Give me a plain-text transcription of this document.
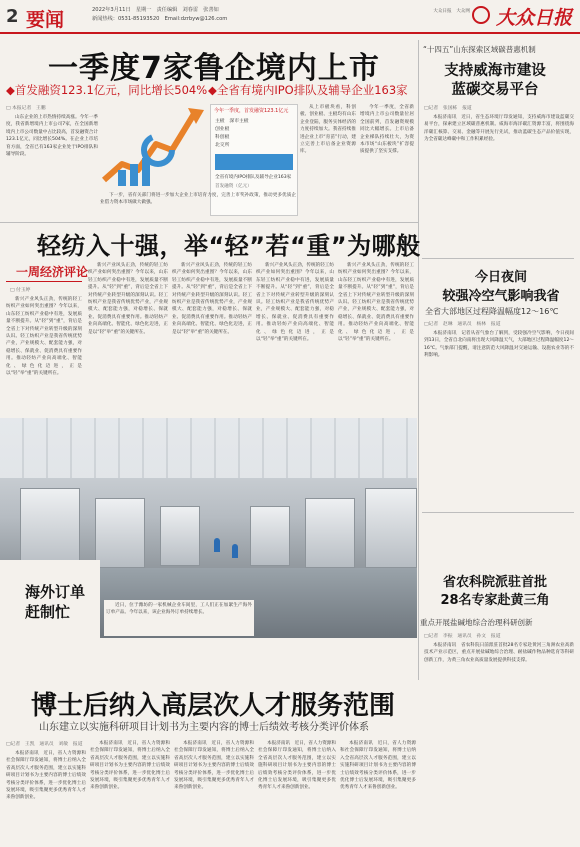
2 要闻	2022年3月11日　星期一　责任编辑　刘春雷　张善如
新闻热线：0531-85193520　Email:dzrbyw@126.com
大众日报　大众网 大众日报
一季度7家鲁企境内上市
◆首发融资123.1亿元，同比增长504% ◆全省有境内IPO排队及辅导企业163家
□ 本报记者　王鹏

山东企业的上市热情持续高涨。今年一季度，我省新增境内上市公司7家，在全国新增境内上市公司数量中占比较高，首发融资合计123.1亿元，同比增长504%。在企业上市培育方面，全省已有163家企业处于IPO排队和辅导阶段。

今年一季度，首发融资123.1亿元
主板　深市主板
创业板
科创板
北交所
全省有境内IPO排队及辅导企业163家
首发融资（亿元）

从上市板块看，科创板、创业板、主板均有山东企业登陆，服务实体经济的力度持续加大。我省持续推进企业上市“育苗”行动，建立完善上市后备企业资源库。

今年一季度，全省新增境内上市公司数量位居全国前列，首发融资规模同比大幅增长。上市后备企业梯队持续壮大，为资本市场“山东板块”扩容提质提供了坚实支撑。

下一步，省有关部门将进一步加大企业上市培育力度，完善上市奖补政策，推动更多优质企业借力资本市场做大做强。

“十四五”山东探索区域碳普惠机制
支持威海市建设
蓝碳交易平台
□记者　张国栋　报道

本报济南讯　近日，省生态环境厅印发通知，支持威海市建设蓝碳交易平台，探索建立区域碳普惠机制。威海市海洋碳汇资源丰富，将围绕海洋碳汇核算、交易、金融等开展先行先试，推动蓝碳生态产品价值实现，为全省碳达峰碳中和工作积累经验。

轻纺入十强，举“轻”若“重”为哪般
一周经济评论
□ 付玉婷

新兴产业风头正劲，传统的轻工纺织产业如何突出重围？今年以来，山东轻工纺织产业稳中有进，发展质量不断提升。从“轻”到“重”，背后是全省上下对传统产业转型升级的深刻认识。轻工纺织产业是我省传统优势产业，产业规模大、配套能力强，对稳增长、保就业、促消费具有重要作用。推动轻纺产业向高端化、智能化、绿色化迈进，正是以“轻”举“重”的关键所在。

新兴产业风头正劲，传统的轻工纺织产业如何突出重围？今年以来，山东轻工纺织产业稳中有进，发展质量不断提升。从“轻”到“重”，背后是全省上下对传统产业转型升级的深刻认识。轻工纺织产业是我省传统优势产业，产业规模大、配套能力强，对稳增长、保就业、促消费具有重要作用。推动轻纺产业向高端化、智能化、绿色化迈进，正是以“轻”举“重”的关键所在。

新兴产业风头正劲，传统的轻工纺织产业如何突出重围？今年以来，山东轻工纺织产业稳中有进，发展质量不断提升。从“轻”到“重”，背后是全省上下对传统产业转型升级的深刻认识。轻工纺织产业是我省传统优势产业，产业规模大、配套能力强，对稳增长、保就业、促消费具有重要作用。推动轻纺产业向高端化、智能化、绿色化迈进，正是以“轻”举“重”的关键所在。

新兴产业风头正劲，传统的轻工纺织产业如何突出重围？今年以来，山东轻工纺织产业稳中有进，发展质量不断提升。从“轻”到“重”，背后是全省上下对传统产业转型升级的深刻认识。轻工纺织产业是我省传统优势产业，产业规模大、配套能力强，对稳增长、保就业、促消费具有重要作用。推动轻纺产业向高端化、智能化、绿色化迈进，正是以“轻”举“重”的关键所在。

新兴产业风头正劲，传统的轻工纺织产业如何突出重围？今年以来，山东轻工纺织产业稳中有进，发展质量不断提升。从“轻”到“重”，背后是全省上下对传统产业转型升级的深刻认识。轻工纺织产业是我省传统优势产业，产业规模大、配套能力强，对稳增长、保就业、促消费具有重要作用。推动轻纺产业向高端化、智能化、绿色化迈进，正是以“轻”举“重”的关键所在。

今日夜间
较强冷空气影响我省
全省大部地区过程降温幅度12～16℃
□记者　赵琳　通讯员　杨林　报道

本报济南讯　记者从省气象台了解到，受较强冷空气影响，今日夜间到13日，全省自北向南将出现大风降温天气，大部地区过程降温幅度12～16℃。气象部门提醒，请注意防范大风降温对交通运输、设施农业等的不利影响。

海外订单
赶制忙	近日，位于潍坊的一家机械企业车间里，工人们正在加紧生产海外订单产品。今年以来，该企业海外订单持续增长。

省农科院派驻首批
28名专家赴黄三角
重点开展盐碱地综合治理科研创新
□记者　李振　通讯员　孙文　报道

本报济南讯　省农科院日前派驻首批28名专家赴黄河三角洲农业高新技术产业示范区，重点开展盐碱地综合治理、耐盐碱作物品种选育等科研创新工作，为黄三角农业高质量发展提供科技支撑。

博士后纳入高层次人才服务范围
山东建立以实施科研项目计划书为主要内容的博士后绩效考核分类评价体系
□记者　王凯　通讯员　刘敏　报道

本报济南讯　近日，省人力资源和社会保障厅印发通知，将博士后纳入全省高层次人才服务范围，建立以实施科研项目计划书为主要内容的博士后绩效考核分类评价体系，进一步优化博士后发展环境，吸引集聚更多优秀青年人才来鲁创新创业。

本报济南讯　近日，省人力资源和社会保障厅印发通知，将博士后纳入全省高层次人才服务范围，建立以实施科研项目计划书为主要内容的博士后绩效考核分类评价体系，进一步优化博士后发展环境，吸引集聚更多优秀青年人才来鲁创新创业。

本报济南讯　近日，省人力资源和社会保障厅印发通知，将博士后纳入全省高层次人才服务范围，建立以实施科研项目计划书为主要内容的博士后绩效考核分类评价体系，进一步优化博士后发展环境，吸引集聚更多优秀青年人才来鲁创新创业。

本报济南讯　近日，省人力资源和社会保障厅印发通知，将博士后纳入全省高层次人才服务范围，建立以实施科研项目计划书为主要内容的博士后绩效考核分类评价体系，进一步优化博士后发展环境，吸引集聚更多优秀青年人才来鲁创新创业。

本报济南讯　近日，省人力资源和社会保障厅印发通知，将博士后纳入全省高层次人才服务范围，建立以实施科研项目计划书为主要内容的博士后绩效考核分类评价体系，进一步优化博士后发展环境，吸引集聚更多优秀青年人才来鲁创新创业。
